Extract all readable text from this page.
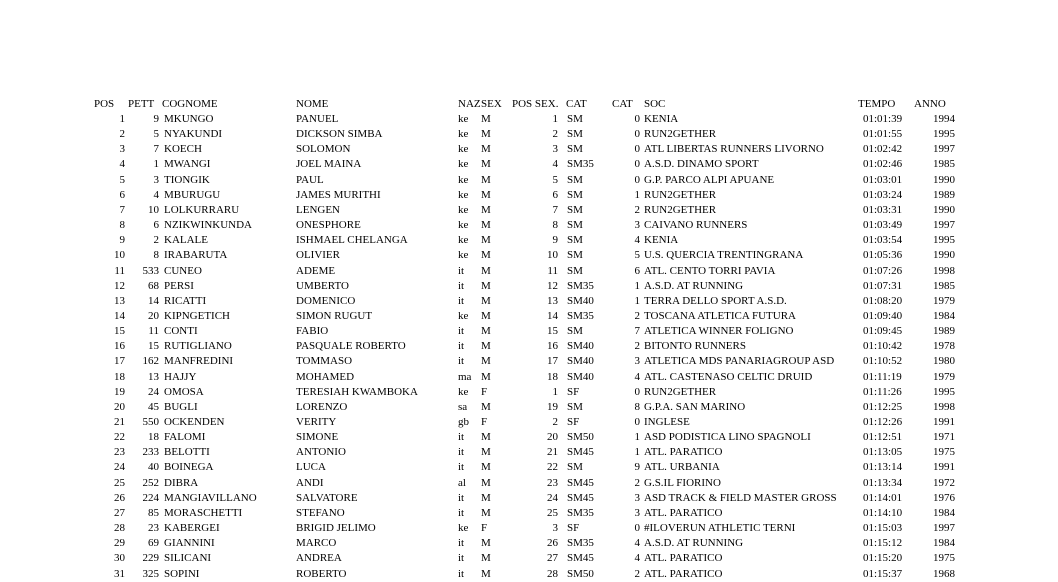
POS	PETT COGNOME	NOME	NAZ SEX POS SEX. CAT	CAT	SOC	TEMPO	ANNO
1	9 MKUNGO	PANUEL	ke	M	1 SM	0 KENIA	01:01:39	1994
2	5 NYAKUNDI	DICKSON SIMBA	ke	M	2 SM	0 RUN2GETHER	01:01:55	1995
3	7 KOECH	SOLOMON	ke	M	3 SM	0 ATL LIBERTAS RUNNERS LIVORNO	01:02:42	1997
4	1 MWANGI	JOEL MAINA	ke	M	4 SM35	0 A.S.D. DINAMO SPORT	01:02:46	1985
5	3 TIONGIK	PAUL	ke	M	5 SM	0 G.P. PARCO ALPI APUANE	01:03:01	1990
6	4 MBURUGU	JAMES MURITHI	ke	M	6 SM	1 RUN2GETHER	01:03:24	1989
7	10 LOLKURRARU	LENGEN	ke	M	7 SM	2 RUN2GETHER	01:03:31	1990
8	6 NZIKWINKUNDA	ONESPHORE	ke	M	8 SM	3 CAIVANO RUNNERS	01:03:49	1997
9	2 KALALE	ISHMAEL CHELANGA	ke	M	9 SM	4 KENIA	01:03:54	1995
10	8 IRABARUTA	OLIVIER	ke	M	10 SM	5 U.S. QUERCIA TRENTINGRANA	01:05:36	1990
11	533 CUNEO	ADEME	it	M	11 SM	6 ATL. CENTO TORRI PAVIA	01:07:26	1998
12	68 PERSI	UMBERTO	it	M	12 SM35	1 A.S.D. AT RUNNING	01:07:31	1985
13	14 RICATTI	DOMENICO	it	M	13 SM40	1 TERRA DELLO SPORT A.S.D.	01:08:20	1979
14	20 KIPNGETICH	SIMON RUGUT	ke	M	14 SM35	2 TOSCANA ATLETICA FUTURA	01:09:40	1984
15	11 CONTI	FABIO	it	M	15 SM	7 ATLETICA WINNER FOLIGNO	01:09:45	1989
16	15 RUTIGLIANO	PASQUALE ROBERTO	it	M	16 SM40	2 BITONTO RUNNERS	01:10:42	1978
17	162 MANFREDINI	TOMMASO	it	M	17 SM40	3 ATLETICA MDS PANARIAGROUP ASD	01:10:52	1980
18	13 HAJJY	MOHAMED	ma M	18 SM40	4 ATL. CASTENASO CELTIC DRUID	01:11:19	1979
19	24 OMOSA	TERESIAH KWAMBOKA	ke	F	1 SF	0 RUN2GETHER	01:11:26	1995
20	45 BUGLI	LORENZO	sa	M	19 SM	8 G.P.A. SAN MARINO	01:12:25	1998
21	550 OCKENDEN	VERITY	gb	F	2 SF	0 INGLESE	01:12:26	1991
22	18 FALOMI	SIMONE	it	M	20 SM50	1 ASD PODISTICA LINO SPAGNOLI	01:12:51	1971
23	233 BELOTTI	ANTONIO	it	M	21 SM45	1 ATL. PARATICO	01:13:05	1975
24	40 BOINEGA	LUCA	it	M	22 SM	9 ATL. URBANIA	01:13:14	1991
25	252 DIBRA	ANDI	al	M	23 SM45	2 G.S.IL FIORINO	01:13:34	1972
26	224 MANGIAVILLANO	SALVATORE	it	M	24 SM45	3 ASD TRACK & FIELD MASTER GROSS	01:14:01	1976
27	85 MORASCHETTI	STEFANO	it	M	25 SM35	3 ATL. PARATICO	01:14:10	1984
28	23 KABERGEI	BRIGID JELIMO	ke	F	3 SF	0 #ILOVERUN ATHLETIC TERNI	01:15:03	1997
29	69 GIANNINI	MARCO	it	M	26 SM35	4 A.S.D. AT RUNNING	01:15:12	1984
30	229 SILICANI	ANDREA	it	M	27 SM45	4 ATL. PARATICO	01:15:20	1975
31	325 SOPINI	ROBERTO	it	M	28 SM50	2 ATL. PARATICO	01:15:37	1968
